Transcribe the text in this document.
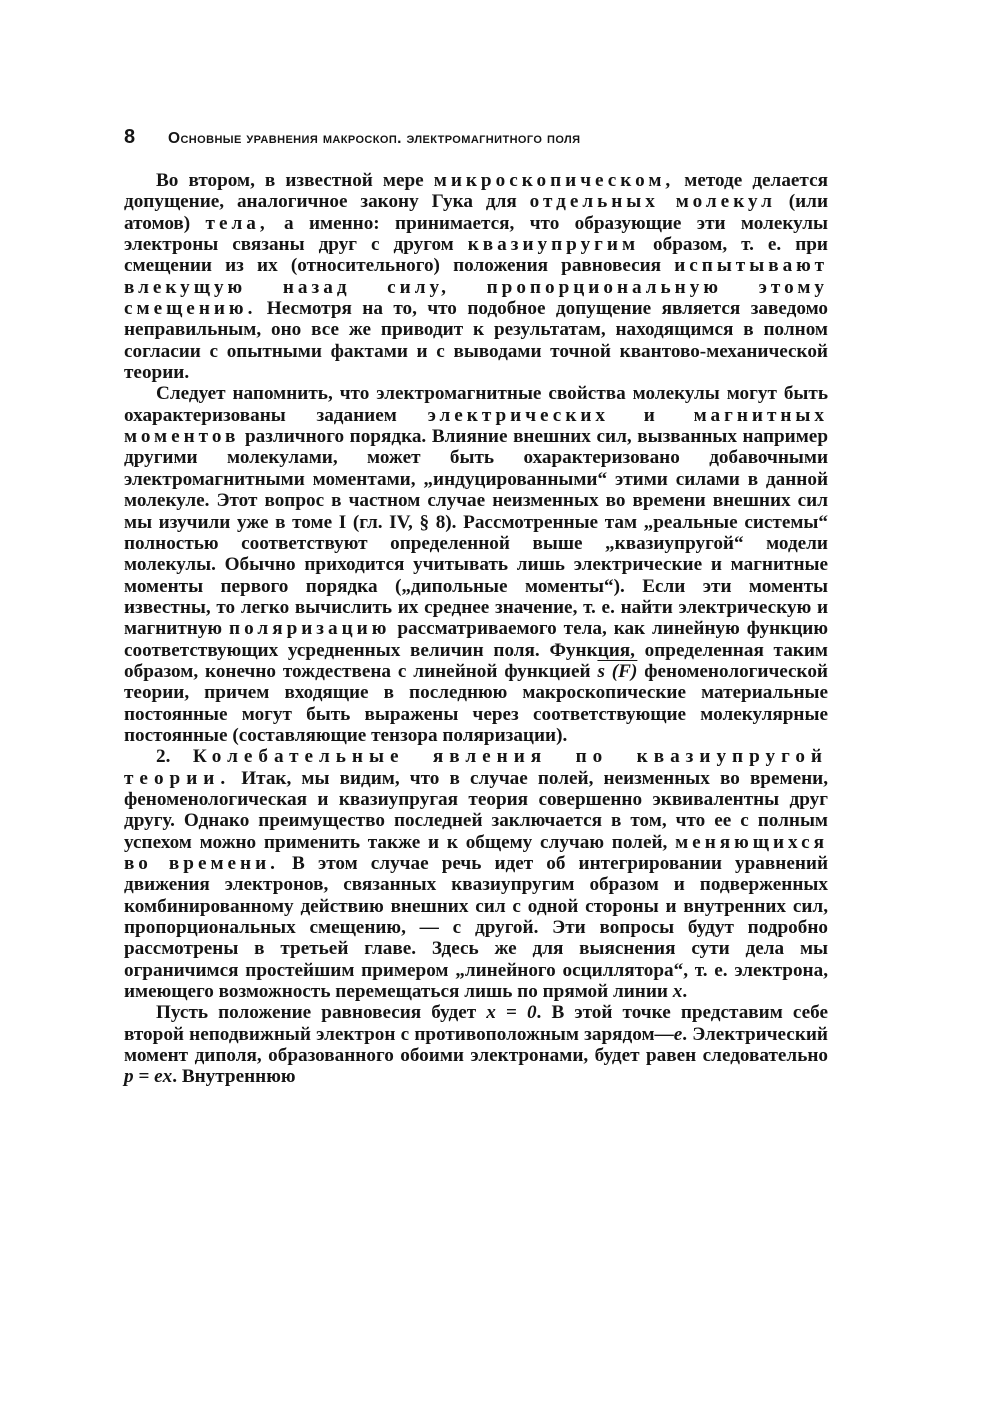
8	Основные уравнения макроскоп. электромагнитного поля

Во втором, в известной мере микроскопическом, методе делается допущение, аналогичное закону Гука для отдельных молекул (или атомов) тела, а именно: принимается, что образующие эти молекулы электроны связаны друг с другом квазиупругим образом, т. е. при смещении из их (относительного) положения равновесия испытывают влекущую назад силу, пропорциональную этому смещению. Несмотря на то, что подобное допущение является заведомо неправильным, оно все же приводит к результатам, находящимся в полном согласии с опытными фактами и с выводами точной квантово-механической теории.

Следует напомнить, что электромагнитные свойства молекулы могут быть охарактеризованы заданием электрических и магнитных моментов различного порядка. Влияние внешних сил, вызванных например другими молекулами, может быть охарактеризовано добавочными электромагнитными моментами, „индуцированными“ этими силами в данной молекуле. Этот вопрос в частном случае неизменных во времени внешних сил мы изучили уже в томе I (гл. IV, § 8). Рассмотренные там „реальные системы“ полностью соответствуют определенной выше „квазиупругой“ модели молекулы. Обычно приходится учитывать лишь электрические и магнитные моменты первого порядка („дипольные моменты“). Если эти моменты известны, то легко вычислить их среднее значение, т. е. найти электрическую и магнитную поляризацию рассматриваемого тела, как линейную функцию соответствующих усредненных величин поля. Функция, определенная таким образом, конечно тождествена с линейной функцией s (F) феноменологической теории, причем входящие в последнюю макроскопические материальные постоянные могут быть выражены через соответствующие молекулярные постоянные (составляющие тензора поляризации).

2. Колебательные явления по квазиупругой теории. Итак, мы видим, что в случае полей, неизменных во времени, феноменологическая и квазиупругая теория совершенно эквивалентны друг другу. Однако преимущество последней заключается в том, что ее с полным успехом можно применить также и к общему случаю полей, меняющихся во времени. В этом случае речь идет об интегрировании уравнений движения электронов, связанных квазиупругим образом и подверженных комбинированному действию внешних сил с одной стороны и внутренних сил, пропорциональных смещению, — с другой. Эти вопросы будут подробно рассмотрены в третьей главе. Здесь же для выяснения сути дела мы ограничимся простейшим примером „линейного осциллятора“, т. е. электрона, имеющего возможность перемещаться лишь по прямой линии x.

Пусть положение равновесия будет x = 0. В этой точке представим себе второй неподвижный электрон с противоположным зарядом—e. Электрический момент диполя, образованного обоими электронами, будет равен следовательно p = ex. Внутреннюю
